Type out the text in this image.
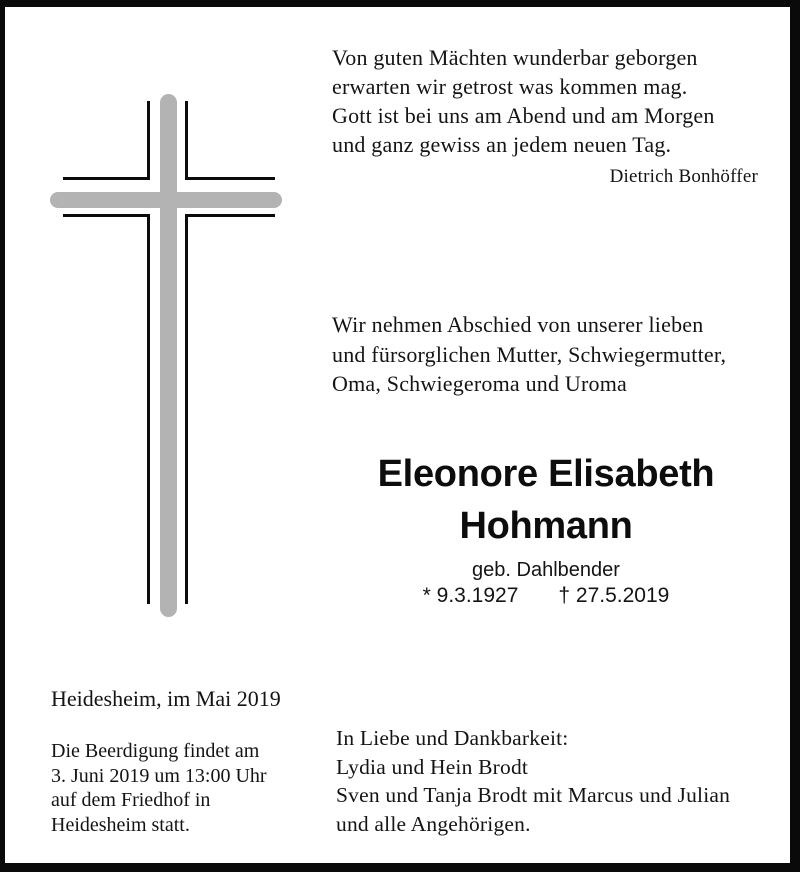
Von guten Mächten wunderbar geborgen
erwarten wir getrost was kommen mag.
Gott ist bei uns am Abend und am Morgen
und ganz gewiss an jedem neuen Tag.
Dietrich Bonhöffer
Wir nehmen Abschied von unserer lieben
und fürsorglichen Mutter, Schwiegermutter,
Oma, Schwiegeroma und Uroma
Eleonore Elisabeth
Hohmann
geb. Dahlbender
* 9.3.1927 † 27.5.2019
Heidesheim, im Mai 2019
Die Beerdigung findet am
3. Juni 2019 um 13:00 Uhr
auf dem Friedhof in
Heidesheim statt.
In Liebe und Dankbarkeit:
Lydia und Hein Brodt
Sven und Tanja Brodt mit Marcus und Julian
und alle Angehörigen.
